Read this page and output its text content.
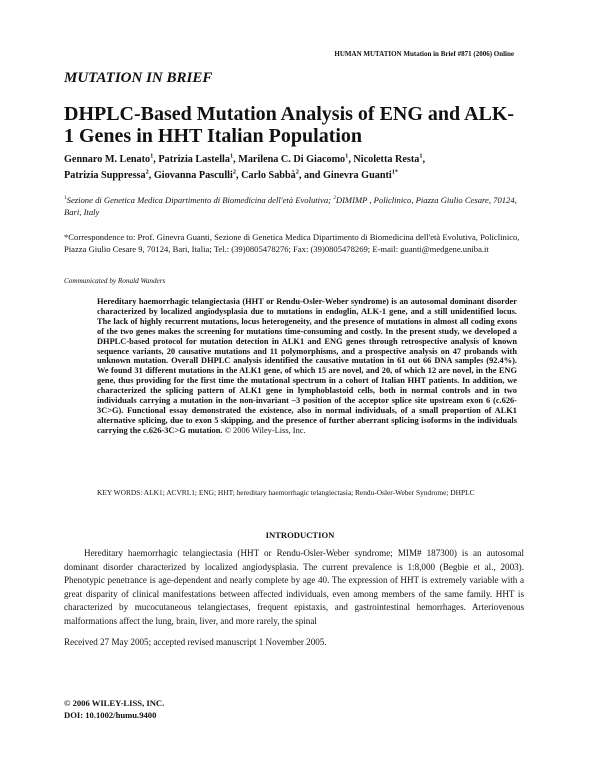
HUMAN MUTATION Mutation in Brief #871 (2006) Online
MUTATION IN BRIEF
DHPLC-Based Mutation Analysis of ENG and ALK-1 Genes in HHT Italian Population
Gennaro M. Lenato$^1$, Patrizia Lastella$^1$, Marilena C. Di Giacomo$^1$, Nicoletta Resta$^1$,
Patrizia Suppressa$^2$, Giovanna Pasculli$^2$, Carlo Sabbà$^2$, and Ginevra Guanti$^{1*}$
$^1$Sezione di Genetica Medica Dipartimento di Biomedicina dell'età Evolutiva; $^2$DIMIMP , Policlinico, Piazza Giulio Cesare, 70124, Bari, Italy
*Correspondence to: Prof. Ginevra Guanti, Sezione di Genetica Medica Dipartimento di Biomedicina dell'età Evolutiva, Policlinico, Piazza Giulio Cesare 9, 70124, Bari, Italia; Tel.: (39)0805478276; Fax: (39)0805478269; E-mail: guanti@medgene.uniba.it
Communicated by Ronald Wanders
Hereditary haemorrhagic telangiectasia (HHT or Rendu-Osler-Weber syndrome) is an autosomal dominant disorder characterized by localized angiodysplasia due to mutations in endoglin, ALK-1 gene, and a still unidentified locus. The lack of highly recurrent mutations, locus heterogeneity, and the presence of mutations in almost all coding exons of the two genes makes the screening for mutations time-consuming and costly. In the present study, we developed a DHPLC-based protocol for mutation detection in ALK1 and ENG genes through retrospective analysis of known sequence variants, 20 causative mutations and 11 polymorphisms, and a prospective analysis on 47 probands with unknown mutation. Overall DHPLC analysis identified the causative mutation in 61 out 66 DNA samples (92.4%). We found 31 different mutations in the ALK1 gene, of which 15 are novel, and 20, of which 12 are novel, in the ENG gene, thus providing for the first time the mutational spectrum in a cohort of Italian HHT patients. In addition, we characterized the splicing pattern of ALK1 gene in lymphoblastoid cells, both in normal controls and in two individuals carrying a mutation in the non-invariant –3 position of the acceptor splice site upstream exon 6 (c.626-3C>G). Functional essay demonstrated the existence, also in normal individuals, of a small proportion of ALK1 alternative splicing, due to exon 5 skipping, and the presence of further aberrant splicing isoforms in the individuals carrying the c.626-3C>G mutation. © 2006 Wiley-Liss, Inc.
KEY WORDS: ALK1; ACVRL1; ENG; HHT; hereditary haemorrhagic telangiectasia; Rendu-Osler-Weber Syndrome; DHPLC
INTRODUCTION
Hereditary haemorrhagic telangiectasia (HHT or Rendu-Osler-Weber syndrome; MIM# 187300) is an autosomal dominant disorder characterized by localized angiodysplasia. The current prevalence is 1:8,000 (Begbie et al., 2003). Phenotypic penetrance is age-dependent and nearly complete by age 40. The expression of HHT is extremely variable with a great disparity of clinical manifestations between affected individuals, even among members of the same family. HHT is characterized by mucocutaneous telangiectases, frequent epistaxis, and gastrointestinal hemorrhages. Arteriovenous malformations affect the lung, brain, liver, and more rarely, the spinal
Received 27 May 2005; accepted revised manuscript 1 November 2005.
© 2006 WILEY-LISS, INC.
DOI: 10.1002/humu.9400
